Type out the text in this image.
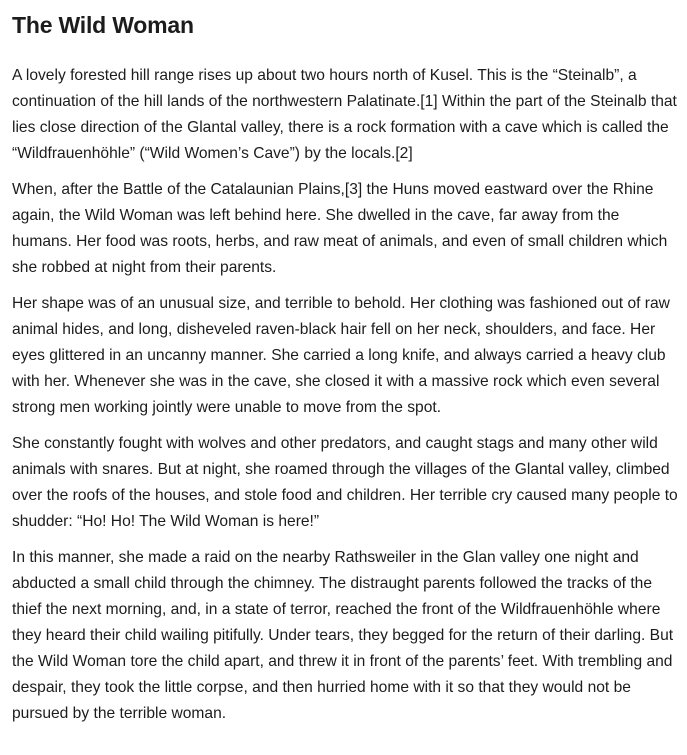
The Wild Woman

A lovely forested hill range rises up about two hours north of Kusel. This is the “Steinalb”, a continuation of the hill lands of the northwestern Palatinate.[1] Within the part of the Steinalb that lies close direction of the Glantal valley, there is a rock formation with a cave which is called the “Wildfrauenhöhle” (“Wild Women’s Cave”) by the locals.[2]

When, after the Battle of the Catalaunian Plains,[3] the Huns moved eastward over the Rhine again, the Wild Woman was left behind here. She dwelled in the cave, far away from the humans. Her food was roots, herbs, and raw meat of animals, and even of small children which she robbed at night from their parents.

Her shape was of an unusual size, and terrible to behold. Her clothing was fashioned out of raw animal hides, and long, disheveled raven-black hair fell on her neck, shoulders, and face. Her eyes glittered in an uncanny manner. She carried a long knife, and always carried a heavy club with her. Whenever she was in the cave, she closed it with a massive rock which even several strong men working jointly were unable to move from the spot.

She constantly fought with wolves and other predators, and caught stags and many other wild animals with snares. But at night, she roamed through the villages of the Glantal valley, climbed over the roofs of the houses, and stole food and children. Her terrible cry caused many people to shudder: “Ho! Ho! The Wild Woman is here!”

In this manner, she made a raid on the nearby Rathsweiler in the Glan valley one night and abducted a small child through the chimney. The distraught parents followed the tracks of the thief the next morning, and, in a state of terror, reached the front of the Wildfrauenhöhle where they heard their child wailing pitifully. Under tears, they begged for the return of their darling. But the Wild Woman tore the child apart, and threw it in front of the parents’ feet. With trembling and despair, they took the little corpse, and then hurried home with it so that they would not be pursued by the terrible woman.
